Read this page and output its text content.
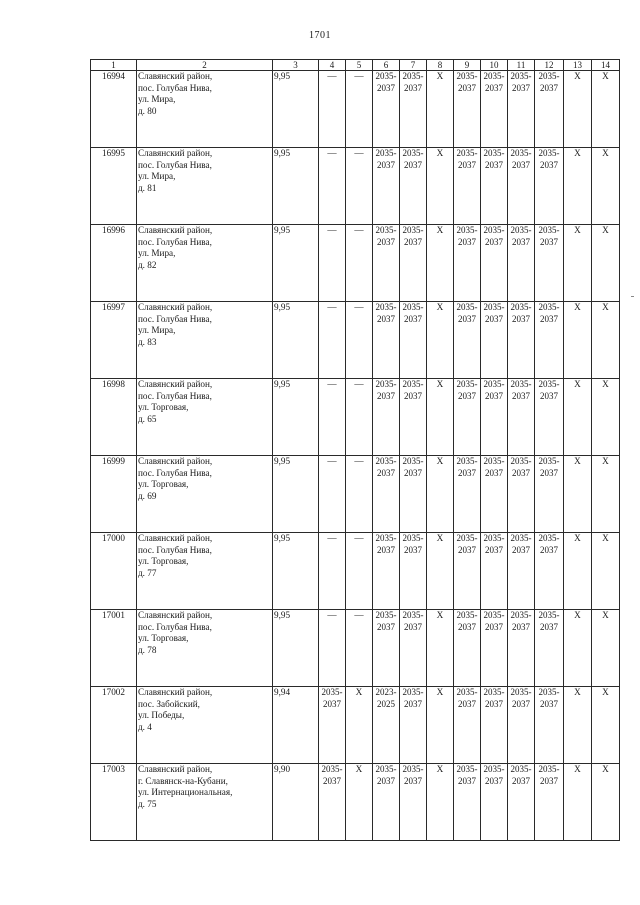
1701
1	2	3	4	5	6	7	8	9	10	11	12	13	14
16994	Славянский район,
пос. Голубая Нива,
ул. Мира,
д. 80	9,95	—	—	2035-
2037	2035-
2037	X	2035-
2037	2035-
2037	2035-
2037	2035-
2037	X	X
16995	Славянский район,
пос. Голубая Нива,
ул. Мира,
д. 81	9,95	—	—	2035-
2037	2035-
2037	X	2035-
2037	2035-
2037	2035-
2037	2035-
2037	X	X
16996	Славянский район,
пос. Голубая Нива,
ул. Мира,
д. 82	9,95	—	—	2035-
2037	2035-
2037	X	2035-
2037	2035-
2037	2035-
2037	2035-
2037	X	X
16997	Славянский район,
пос. Голубая Нива,
ул. Мира,
д. 83	9,95	—	—	2035-
2037	2035-
2037	X	2035-
2037	2035-
2037	2035-
2037	2035-
2037	X	X
16998	Славянский район,
пос. Голубая Нива,
ул. Торговая,
д. 65	9,95	—	—	2035-
2037	2035-
2037	X	2035-
2037	2035-
2037	2035-
2037	2035-
2037	X	X
16999	Славянский район,
пос. Голубая Нива,
ул. Торговая,
д. 69	9,95	—	—	2035-
2037	2035-
2037	X	2035-
2037	2035-
2037	2035-
2037	2035-
2037	X	X
17000	Славянский район,
пос. Голубая Нива,
ул. Торговая,
д. 77	9,95	—	—	2035-
2037	2035-
2037	X	2035-
2037	2035-
2037	2035-
2037	2035-
2037	X	X
17001	Славянский район,
пос. Голубая Нива,
ул. Торговая,
д. 78	9,95	—	—	2035-
2037	2035-
2037	X	2035-
2037	2035-
2037	2035-
2037	2035-
2037	X	X
17002	Славянский район,
пос. Забойский,
ул. Победы,
д. 4	9,94	2035-
2037	X	2023-
2025	2035-
2037	X	2035-
2037	2035-
2037	2035-
2037	2035-
2037	X	X
17003	Славянский район,
г. Славянск-на-Кубани,
ул. Интернациональная,
д. 75	9,90	2035-
2037	X	2035-
2037	2035-
2037	X	2035-
2037	2035-
2037	2035-
2037	2035-
2037	X	X
